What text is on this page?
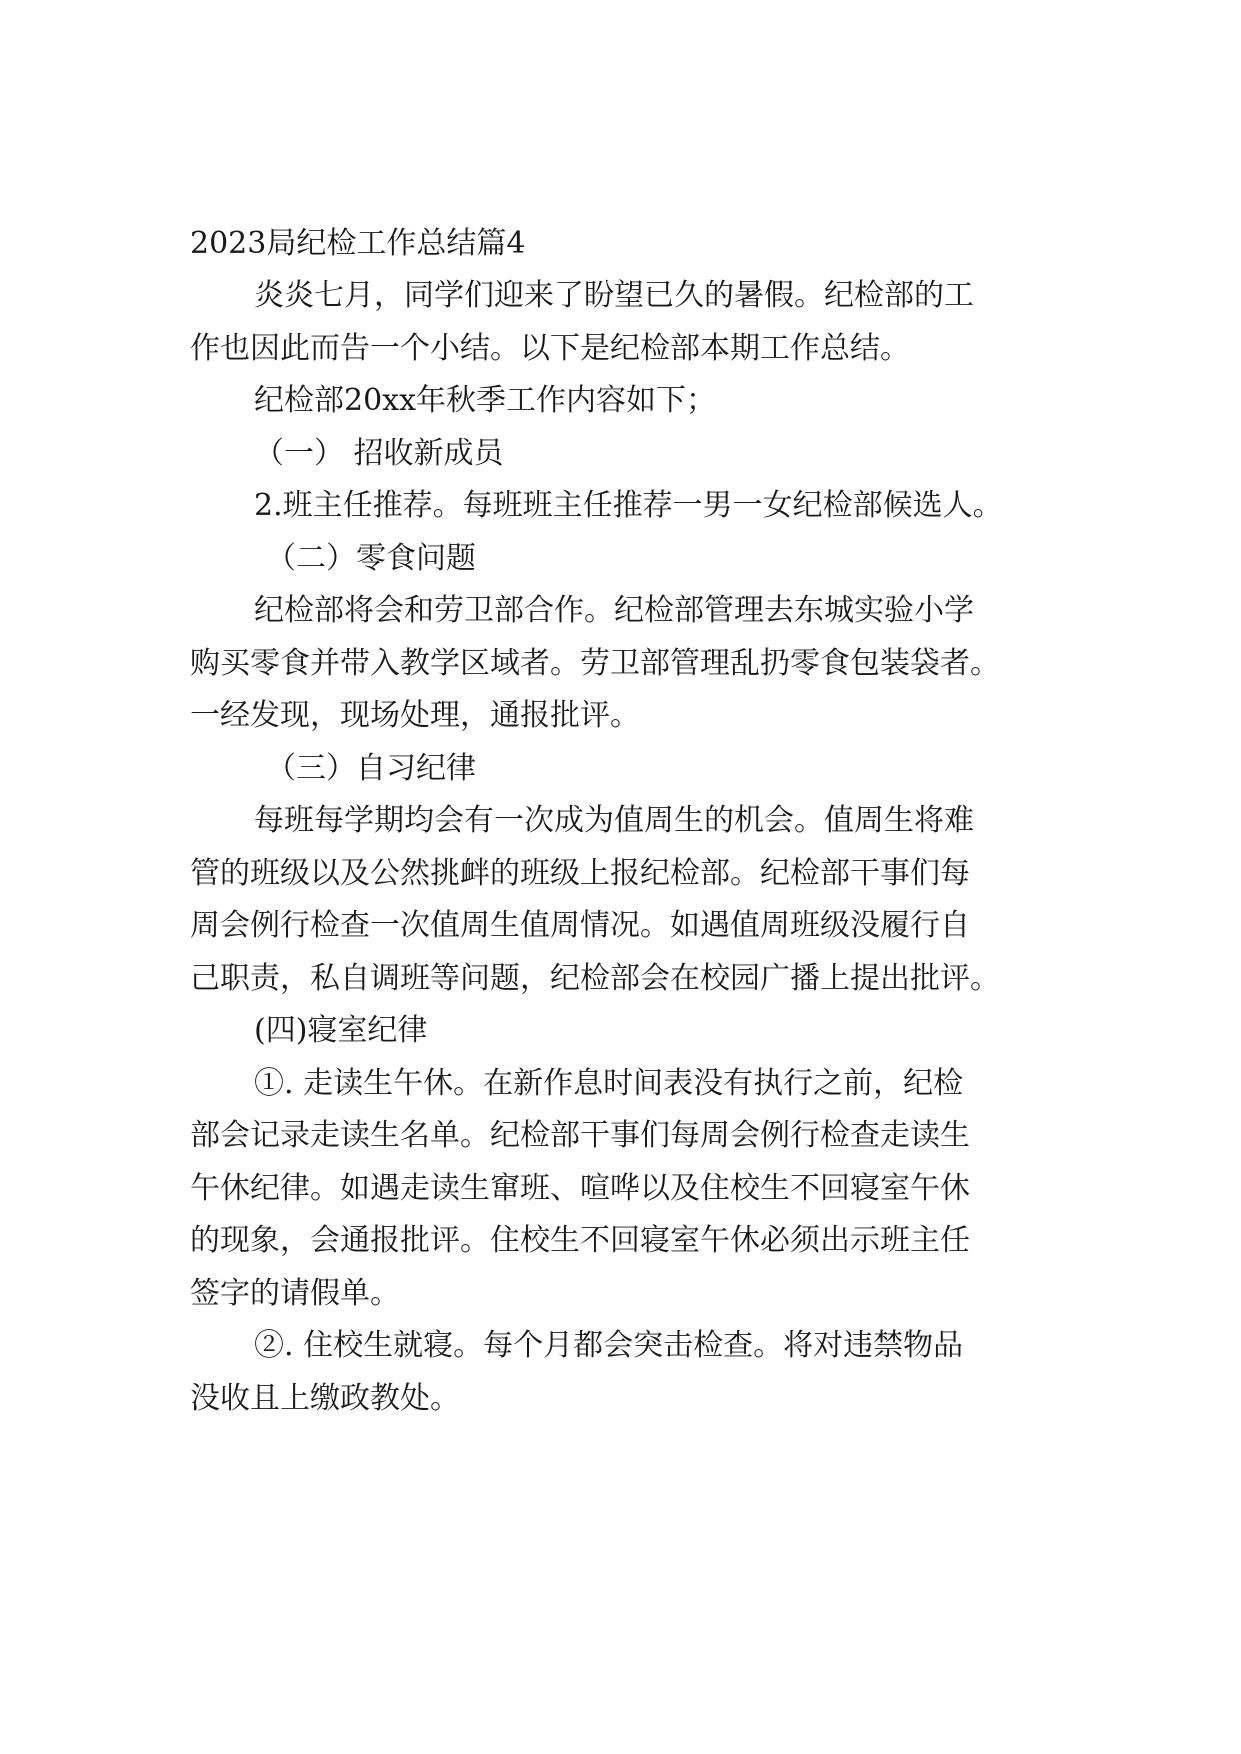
2023局纪检工作总结篇4
炎炎七月，同学们迎来了盼望已久的暑假。纪检部的工
作也因此而告一个小结。以下是纪检部本期工作总结。
纪检部20xx年秋季工作内容如下；
（一） 招收新成员
2.班主任推荐。每班班主任推荐一男一女纪检部候选人。
（二）零食问题
纪检部将会和劳卫部合作。纪检部管理去东城实验小学
购买零食并带入教学区域者。劳卫部管理乱扔零食包装袋者。
一经发现，现场处理，通报批评。
（三）自习纪律
每班每学期均会有一次成为值周生的机会。值周生将难
管的班级以及公然挑衅的班级上报纪检部。纪检部干事们每
周会例行检查一次值周生值周情况。如遇值周班级没履行自
己职责，私自调班等问题，纪检部会在校园广播上提出批评。
(四)寝室纪律
①. 走读生午休。在新作息时间表没有执行之前，纪检
部会记录走读生名单。纪检部干事们每周会例行检查走读生
午休纪律。如遇走读生窜班、喧哗以及住校生不回寝室午休
的现象，会通报批评。住校生不回寝室午休必须出示班主任
签字的请假单。
②. 住校生就寝。每个月都会突击检查。将对违禁物品
没收且上缴政教处。
